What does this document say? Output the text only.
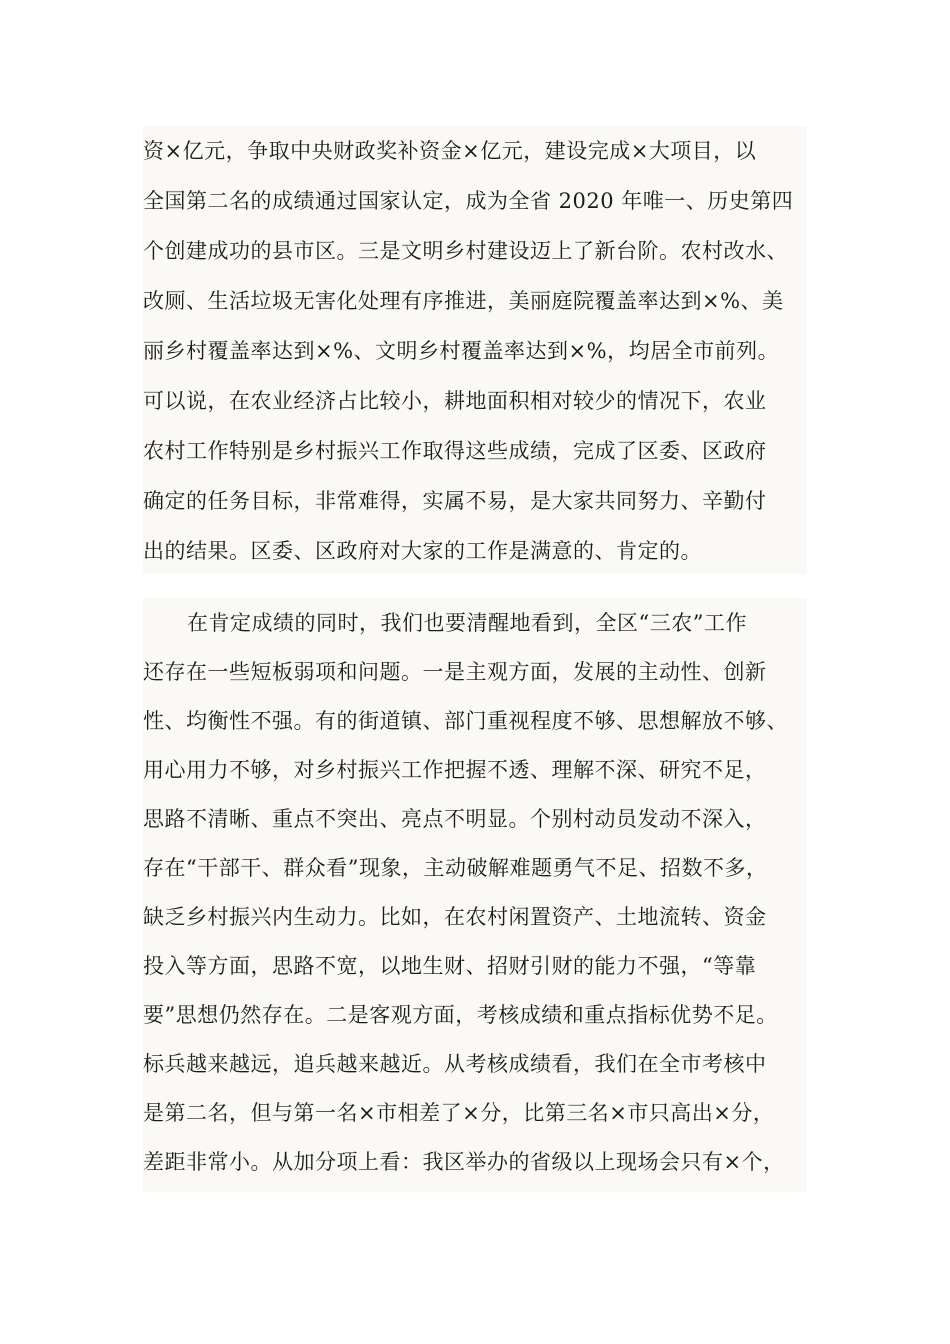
资×亿元，争取中央财政奖补资金×亿元，建设完成×大项目，以
全国第二名的成绩通过国家认定，成为全省 2020 年唯一、历史第四
个创建成功的县市区。三是文明乡村建设迈上了新台阶。农村改水、
改厕、生活垃圾无害化处理有序推进，美丽庭院覆盖率达到×%、美
丽乡村覆盖率达到×%、文明乡村覆盖率达到×%，均居全市前列。
可以说，在农业经济占比较小，耕地面积相对较少的情况下，农业
农村工作特别是乡村振兴工作取得这些成绩，完成了区委、区政府
确定的任务目标，非常难得，实属不易，是大家共同努力、辛勤付
出的结果。区委、区政府对大家的工作是满意的、肯定的。
在肯定成绩的同时，我们也要清醒地看到，全区“三农”工作
还存在一些短板弱项和问题。一是主观方面，发展的主动性、创新
性、均衡性不强。有的街道镇、部门重视程度不够、思想解放不够、
用心用力不够，对乡村振兴工作把握不透、理解不深、研究不足，
思路不清晰、重点不突出、亮点不明显。个别村动员发动不深入，
存在“干部干、群众看”现象，主动破解难题勇气不足、招数不多，
缺乏乡村振兴内生动力。比如，在农村闲置资产、土地流转、资金
投入等方面，思路不宽，以地生财、招财引财的能力不强，“等靠
要”思想仍然存在。二是客观方面，考核成绩和重点指标优势不足。
标兵越来越远，追兵越来越近。从考核成绩看，我们在全市考核中
是第二名，但与第一名×市相差了×分，比第三名×市只高出×分，
差距非常小。从加分项上看：我区举办的省级以上现场会只有×个，
